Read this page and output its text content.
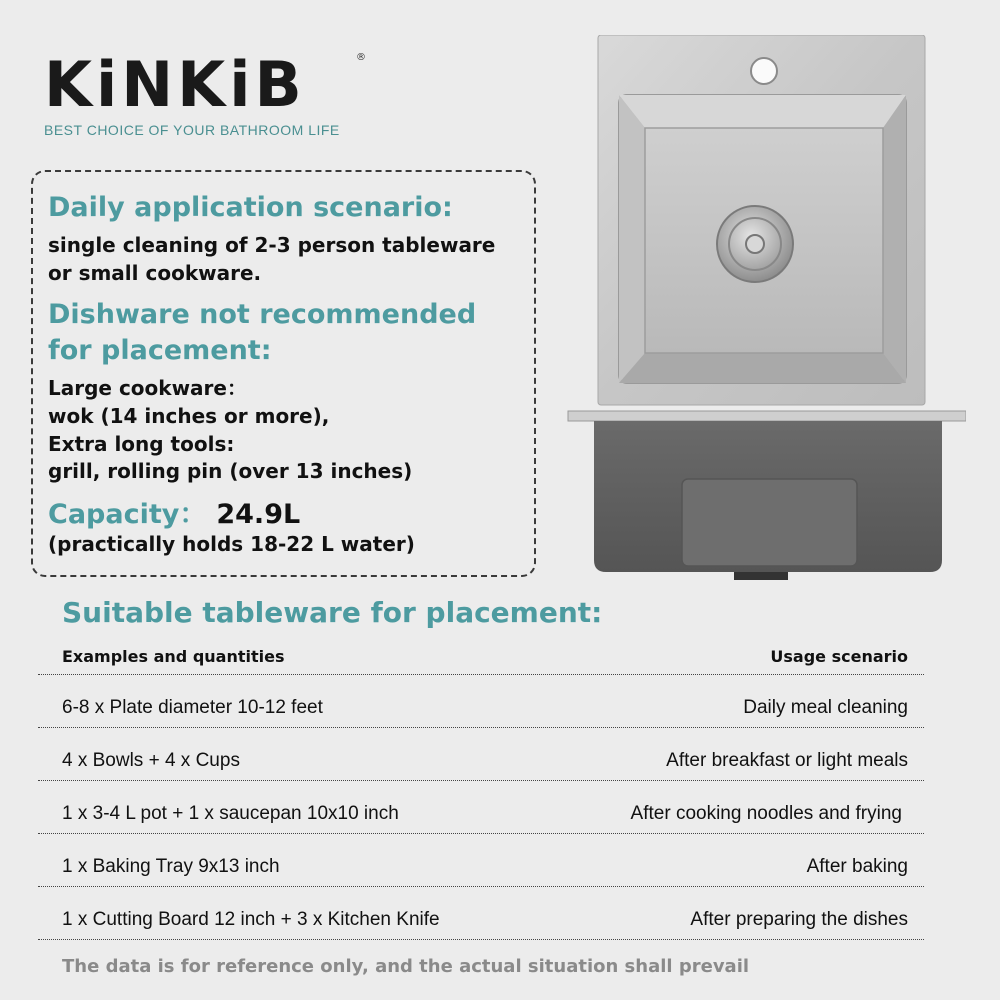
KiNKiB	®
BEST CHOICE OF YOUR BATHROOM LIFE
Daily application scenario:
single cleaning of 2-3 person tableware
or small cookware.
Dishware not recommended
for placement:
Large cookware：
wok (14 inches or more),
Extra long tools:
grill, rolling pin (over 13 inches)
Capacity： 24.9L
(practically holds 18-22 L water)
Suitable tableware for placement:
Examples and quantities	Usage scenario
6-8 x Plate diameter 10-12 feet	Daily meal cleaning
4 x Bowls + 4 x Cups	After breakfast or light meals
1 x 3-4 L pot + 1 x saucepan 10x10 inch	After cooking noodles and frying
1 x Baking Tray 9x13 inch	After baking
1 x Cutting Board 12 inch + 3 x Kitchen Knife	After preparing the dishes
The data is for reference only, and the actual situation shall prevail
